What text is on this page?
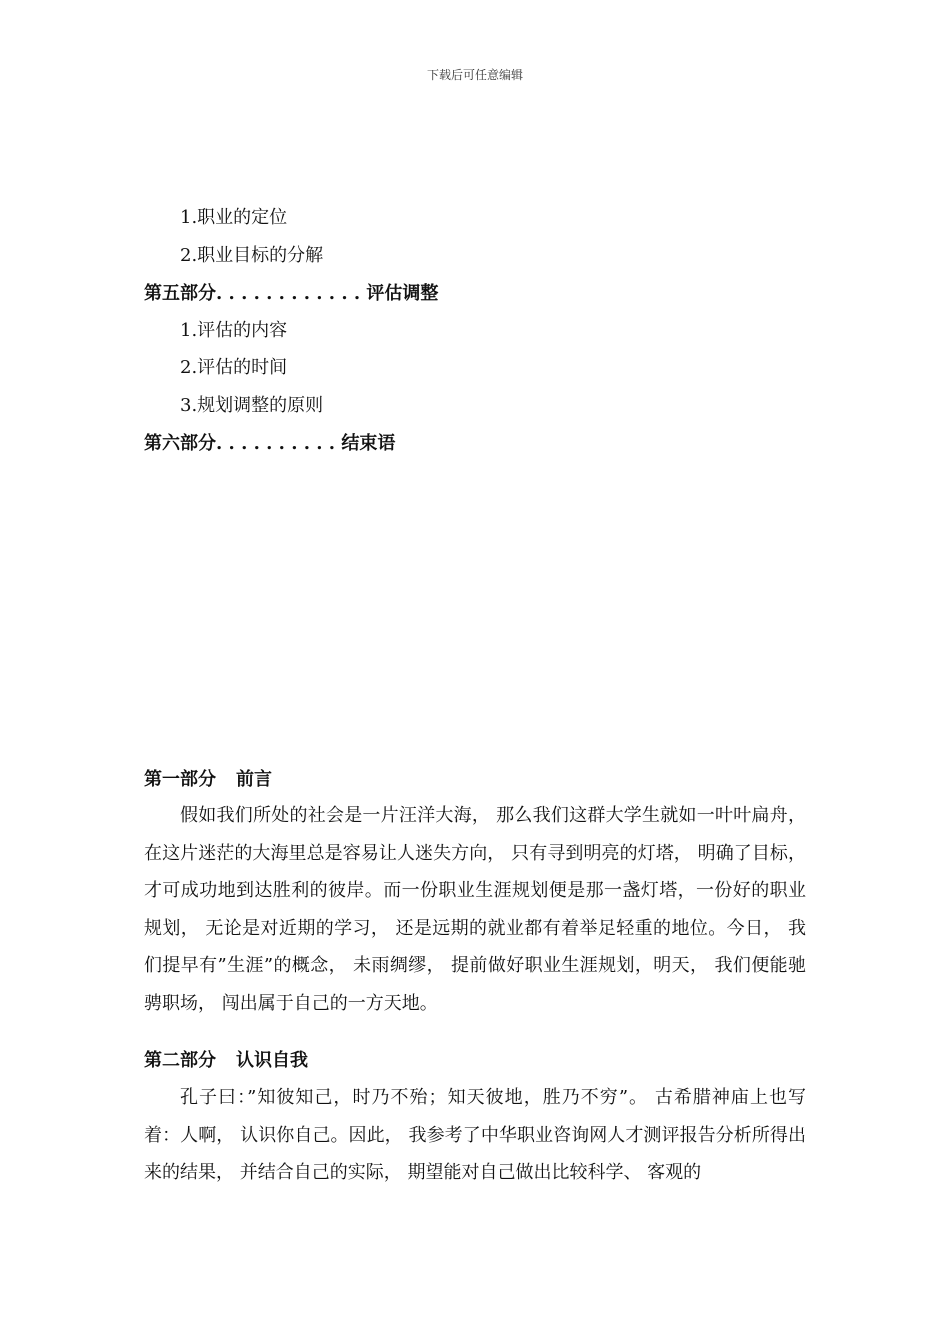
下载后可任意编辑
1.职业的定位
2.职业目标的分解
第五部分. . . . . . . . . . . . 评估调整
1.评估的内容
2.评估的时间
3.规划调整的原则
第六部分. . . . . . . . . . 结束语
第一部分 前言

假如我们所处的社会是一片汪洋大海， 那么我们这群大学生就如一叶叶扁舟， 在这片迷茫的大海里总是容易让人迷失方向， 只有寻到明亮的灯塔， 明确了目标， 才可成功地到达胜利的彼岸。而一份职业生涯规划便是那一盏灯塔，一份好的职业规划， 无论是对近期的学习， 还是远期的就业都有着举足轻重的地位。今日， 我们提早有”生涯”的概念， 未雨绸缪， 提前做好职业生涯规划，明天， 我们便能驰骋职场， 闯出属于自己的一方天地。

第二部分 认识自我

孔子曰：”知彼知己，时乃不殆；知天彼地，胜乃不穷”。 古希腊神庙上也写着：人啊， 认识你自己。因此， 我参考了中华职业咨询网人才测评报告分析所得出来的结果， 并结合自己的实际， 期望能对自己做出比较科学、 客观的
